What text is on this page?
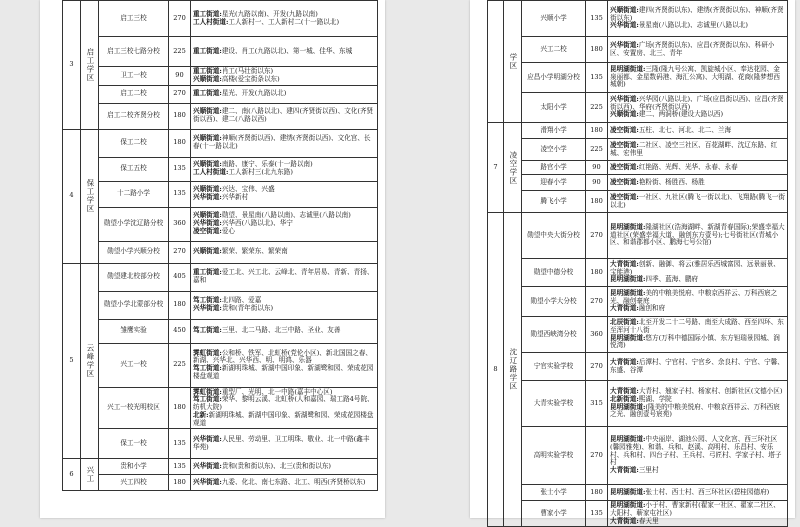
3	启工学区	启工三校	270	重工街道:星光(九路以南)、开发(九路以南)
工人村街道:工人新村一、工人新村二(十一路以北)

		启工三校七路分校	225	重工街道:建设、肖工(九路以北)、第一城、佳华、东城

		卫工一校	90	重工街道:肖工(马壮街以东)
兴顺街道:高楼(爱宝街条以东)

		启工二校	270	重工街道:星光、开发(九路以北)

		启工二校齐贤分校	180	兴顺街道:建二、南(八路以北)、建四(齐贤街以西)、文化(齐贤街以西)、建二(八路以西)

4	保工学区	保工二校	180	兴顺街道:神顺(齐贤街以西)、建绣(齐贤街以西)、文化宫、长春(十一路以北)

		保工五校	135	兴顺街道:南路、康宁、乐泰(十一路以南)
工人村街道:工人新村三(北九东路)

		十二路小学	135	兴顺街道:兴达、宝伟、兴盛
兴华街道:兴华新村

		勋望小学沈辽路分校	360	兴顺街道:勋望、景星南(八路以南)、志诚里(八路以南)
兴华街道:兴华西(八路以北)、华宁
凌空街道:爱心

		勋望小学兴顺分校	270	兴顺街道:繁荣、繁荣东、繁荣南

5	云峰学区	勋望建北校部分校	405	重工街道:爱工北、兴工北、云峰北、青年居易、青新、青扬、嘉和

		勋望小学北蒙部分校	180	笃工街道:北四路、爱嘉
兴华街道:贵和(青年街以东)

		雏鹰实验	450	笃工街道:三里、北二马路、北三中路、圣业、友善

		兴工一校	225	霁虹街道:公和桥、铁军、北虹桥(党伦小区)、新北国国之春、新湖、兴华北、兴华西、明、明鸿、乐器
笃工街道:新湖明珠城、新湖中国印象、新湖鹭和园、荣成花园楼盘观道

		兴工一校光明校区	180	霁虹街道:重型厂、光明、北一中路(嘉丰中心区)
笃工街道:荣华、黎明云溪、北虹桥(人和嘉园、瑞工路4号院、纺机大院)
北新:新湖明珠城、新湖中国印象、新湖鹭和园、荣成花园楼盘观道

		保工一校	135	兴华街道:人民里、劳动里、卫工明珠、敬业、北一中路(鑫丰华苑)

6	兴工	贵和小学	135	兴华街道:贵和(贵和街以东)、北三(贵和街以东)

		兴工四校	180	兴华街道:九委、化北、南七东路、北工、明西(齐贤桥以东)
	学区	兴顺小学	135	兴顺街道:建四(齐贤街以东)、建绣(齐贤街以东)、神顺(齐贤街以东)
兴华街道:景星南(八路以北)、志诚里(八路以北)

		兴工二校	180	兴华街道:广场(齐贤街以东)、应昌(齐贤街以东)、科研小区、安置房、北三、青年

		应昌小学明湖分校	135	昆明湖街道:三隆(隆九号公寓、凯旋城小区、奉达花园、金泉丽都、金星数码港、海汇公寓)、大明湖、花商(隆梦想西城朝)

		太阳小学	225	兴华街道:兴华园(八路以北)、广场(应昌街以西)、应昌(齐贤街以西)、华府(齐贤街以西)
兴顺街道:建二、两洞桥(建设大路以西)

7	凌空学区	滑翔小学	180	凌空街道:五柱、北七、河北、北二、兰海

		凌空小学	225	凌空街道:二社区、凌空三社区、百花湖畔、沈辽东路、红城、宏伟里

		路官小学	90	凌空街道:红艳路、光辉、光华、永春、永春

		迎春小学	90	凌空街道:艳粉街、杨胜西、杨胜

		腾飞小学	180	凌空街道:一社区、九社区(腾飞一街以北)、飞翔路(腾飞一街以北)

8	沈辽路学区	勋望中央大街分校	270	昆明湖街道:隆湖社区(浩海湖畔、新湖青春国际);荣盛幸福大道社区(荣盛幸福大道、融创东方壹号);七号街社区(青城小区、和谐郡都小区、鹏海七号公馆)

		勋望中德分校	180	大青街道:创新、融御、将云(雅居乐西城富园、远景丽景、宝能港)
昆明湖街道:四季、蓝海、鹏府

		勋望小学大分校	270	昆明湖街道:美的中粮美悦府、中粮京西祥云、万科西宸之光、融创豪庭
大青街道:融创和府

		勋望西峡湾分校	360	北辰街道:北至开发二十二号路、南至大成路、西至四环、东至浑河十八街
昆明湖街道:悠方(万科中德国际小镇、东方钽瑞景园城、润悦湾)

		宁官实验学校	270	大青街道:后潭村、宁官村、宁官乡、余良村、宁官、宁馨、东盛、谷潭

		大青实验学校	315	大青街道:大青村、翘家子村、杨家村、创新社区(文德小区)
北新街道:熙湖、学院
昆明湖街道:(隆美的中粮美悦府、中粮京西祥云、万科西宸之光、融创壹号宸苑)

		高明实验学校	270	昆明湖街道:中央丽岸、湖池公园、人文化宫、西三环社区(馨园雅苑)、和谐、兵和、赵溪、高明村、乐昌村、安乐村、兵和村、四台子村、王兵村、弓匠村、学家子村、塔子村
大青街道:三里村

		张士小学	180	昆明湖街道:张士村、西士村、西三环社区(碧桂园德府)

		曹家小学	135	昆明湖街道:小于村、曹家新村(翟家一社区、翟家二社区、大阳村、蕲家屯社区)
大青街道:春天里
